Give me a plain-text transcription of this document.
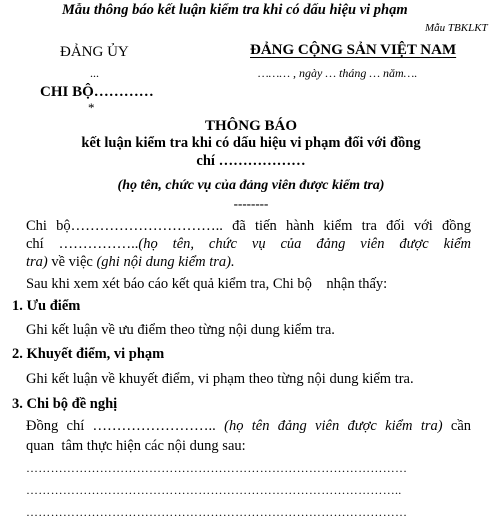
Mẫu thông báo kết luận kiểm tra khi có dấu hiệu vi phạm
Mẫu TBKLKT
ĐẢNG ỦY	ĐẢNG CỘNG SẢN VIỆT NAM
...	……… , ngày … tháng … năm….
CHI BỘ…………
*
THÔNG BÁO
kết luận kiểm tra khi có dấu hiệu vi phạm đối với đồng
chí ………………
(họ tên, chức vụ của đảng viên được kiểm tra)
--------
Chi bộ………………………….. đã tiến hành kiểm tra đối với đồng
chí ……………..(họ tên, chức vụ của đảng viên được kiểm
tra) về việc (ghi nội dung kiểm tra).
Sau khi xem xét báo cáo kết quả kiểm tra, Chi bộ    nhận thấy:
1. Ưu điểm
Ghi kết luận về ưu điểm theo từng nội dung kiểm tra.
2. Khuyết điểm, vi phạm
Ghi kết luận về khuyết điểm, vi phạm theo từng nội dung kiểm tra.
3. Chi bộ đề nghị
Đồng chí …………………….. (họ tên đảng viên được kiểm tra) cần
quan  tâm thực hiện các nội dung sau:
…………………………………………………………………………………
………………………………………………………………………………..
…………………………………………………………………………………
